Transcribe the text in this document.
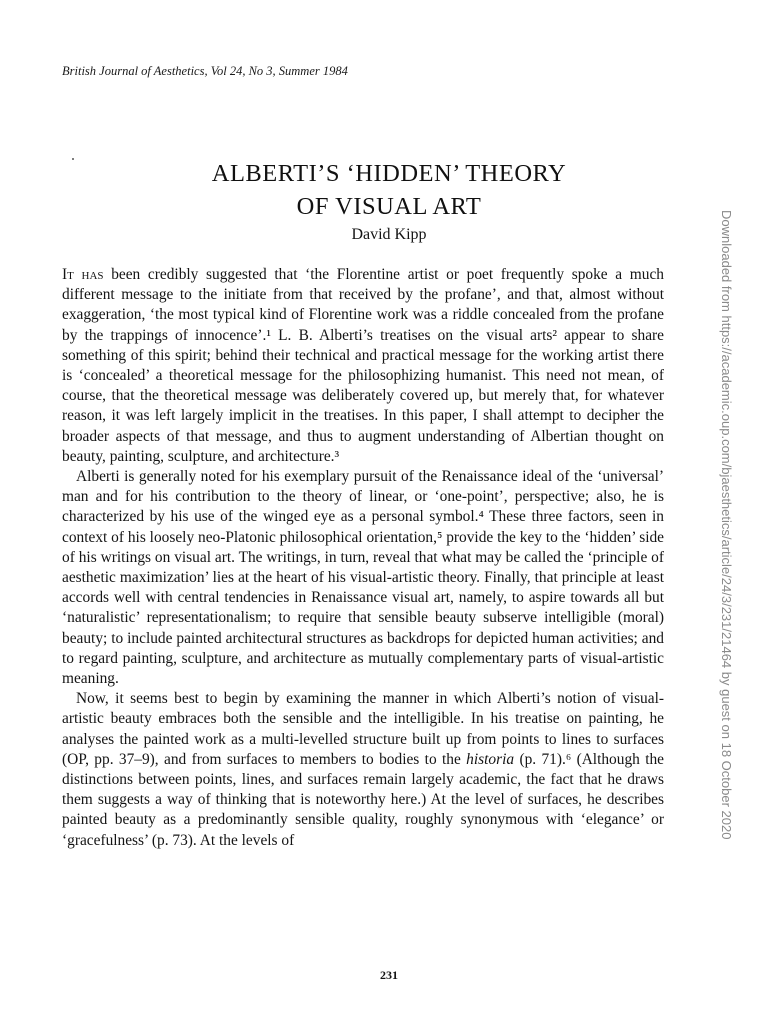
British Journal of Aesthetics, Vol 24, No 3, Summer 1984
ALBERTI’S ‘HIDDEN’ THEORY
OF VISUAL ART
David Kipp

It has been credibly suggested that ‘the Florentine artist or poet frequently spoke a much different message to the initiate from that received by the profane’, and that, almost without exaggeration, ‘the most typical kind of Florentine work was a riddle concealed from the profane by the trappings of innocence’.¹ L. B. Alberti’s treatises on the visual arts² appear to share something of this spirit; behind their technical and practical message for the working artist there is ‘concealed’ a theoretical message for the philosophizing humanist. This need not mean, of course, that the theoretical message was deliberately covered up, but merely that, for whatever reason, it was left largely implicit in the treatises. In this paper, I shall attempt to decipher the broader aspects of that message, and thus to augment understanding of Albertian thought on beauty, painting, sculpture, and architecture.³

Alberti is generally noted for his exemplary pursuit of the Renaissance ideal of the ‘universal’ man and for his contribution to the theory of linear, or ‘one-point’, perspective; also, he is characterized by his use of the winged eye as a personal symbol.⁴ These three factors, seen in context of his loosely neo-Platonic philosophical orientation,⁵ provide the key to the ‘hidden’ side of his writings on visual art. The writings, in turn, reveal that what may be called the ‘principle of aesthetic maximization’ lies at the heart of his visual-artistic theory. Finally, that principle at least accords well with central tendencies in Renaissance visual art, namely, to aspire towards all but ‘naturalistic’ representationalism; to require that sensible beauty subserve intelligible (moral) beauty; to include painted architectural structures as backdrops for depicted human activities; and to regard painting, sculpture, and architecture as mutually complementary parts of visual-artistic meaning.

Now, it seems best to begin by examining the manner in which Alberti’s notion of visual-artistic beauty embraces both the sensible and the intelligible. In his treatise on painting, he analyses the painted work as a multi-levelled structure built up from points to lines to surfaces (OP, pp. 37–9), and from surfaces to members to bodies to the historia (p. 71).⁶ (Although the distinctions between points, lines, and surfaces remain largely academic, the fact that he draws them suggests a way of thinking that is noteworthy here.) At the level of surfaces, he describes painted beauty as a predominantly sensible quality, roughly synonymous with ‘elegance’ or ‘gracefulness’ (p. 73). At the levels of

231
Downloaded from https://academic.oup.com/bjaesthetics/article/24/3/231/21464 by guest on 18 October 2020
